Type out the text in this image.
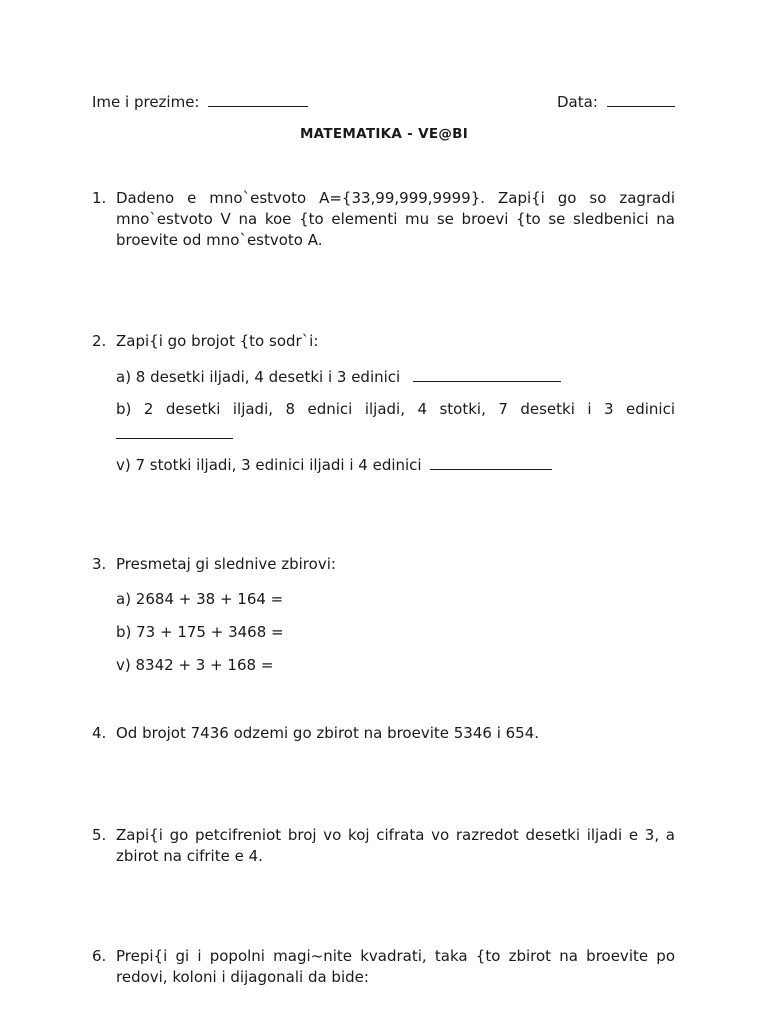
Ime i prezime:	Data:
MATEMATIKA - VE@BI
1. Dadeno e mno`estvoto A={33,99,999,9999}. Zapi{i go so zagradi
mno`estvoto V na koe {to elementi mu se broevi {to se sledbenici na
broevite od mno`estvoto A.
2. Zapi{i go brojot {to sodr`i:
a) 8 desetki iljadi, 4 desetki i 3 edinici
b) 2 desetki iljadi, 8 ednici iljadi, 4 stotki, 7 desetki i 3 edinici
v) 7 stotki iljadi, 3 edinici iljadi i 4 edinici
3. Presmetaj gi slednive zbirovi:
a) 2684 + 38 + 164 =
b) 73 + 175 + 3468 =
v) 8342 + 3 + 168 =
4. Od brojot 7436 odzemi go zbirot na broevite 5346 i 654.
5. Zapi{i go petcifreniot broj vo koj cifrata vo razredot desetki iljadi e 3, a
zbirot na cifrite e 4.
6. Prepi{i gi i popolni magi~nite kvadrati, taka {to zbirot na broevite po
redovi, koloni i dijagonali da bide:
